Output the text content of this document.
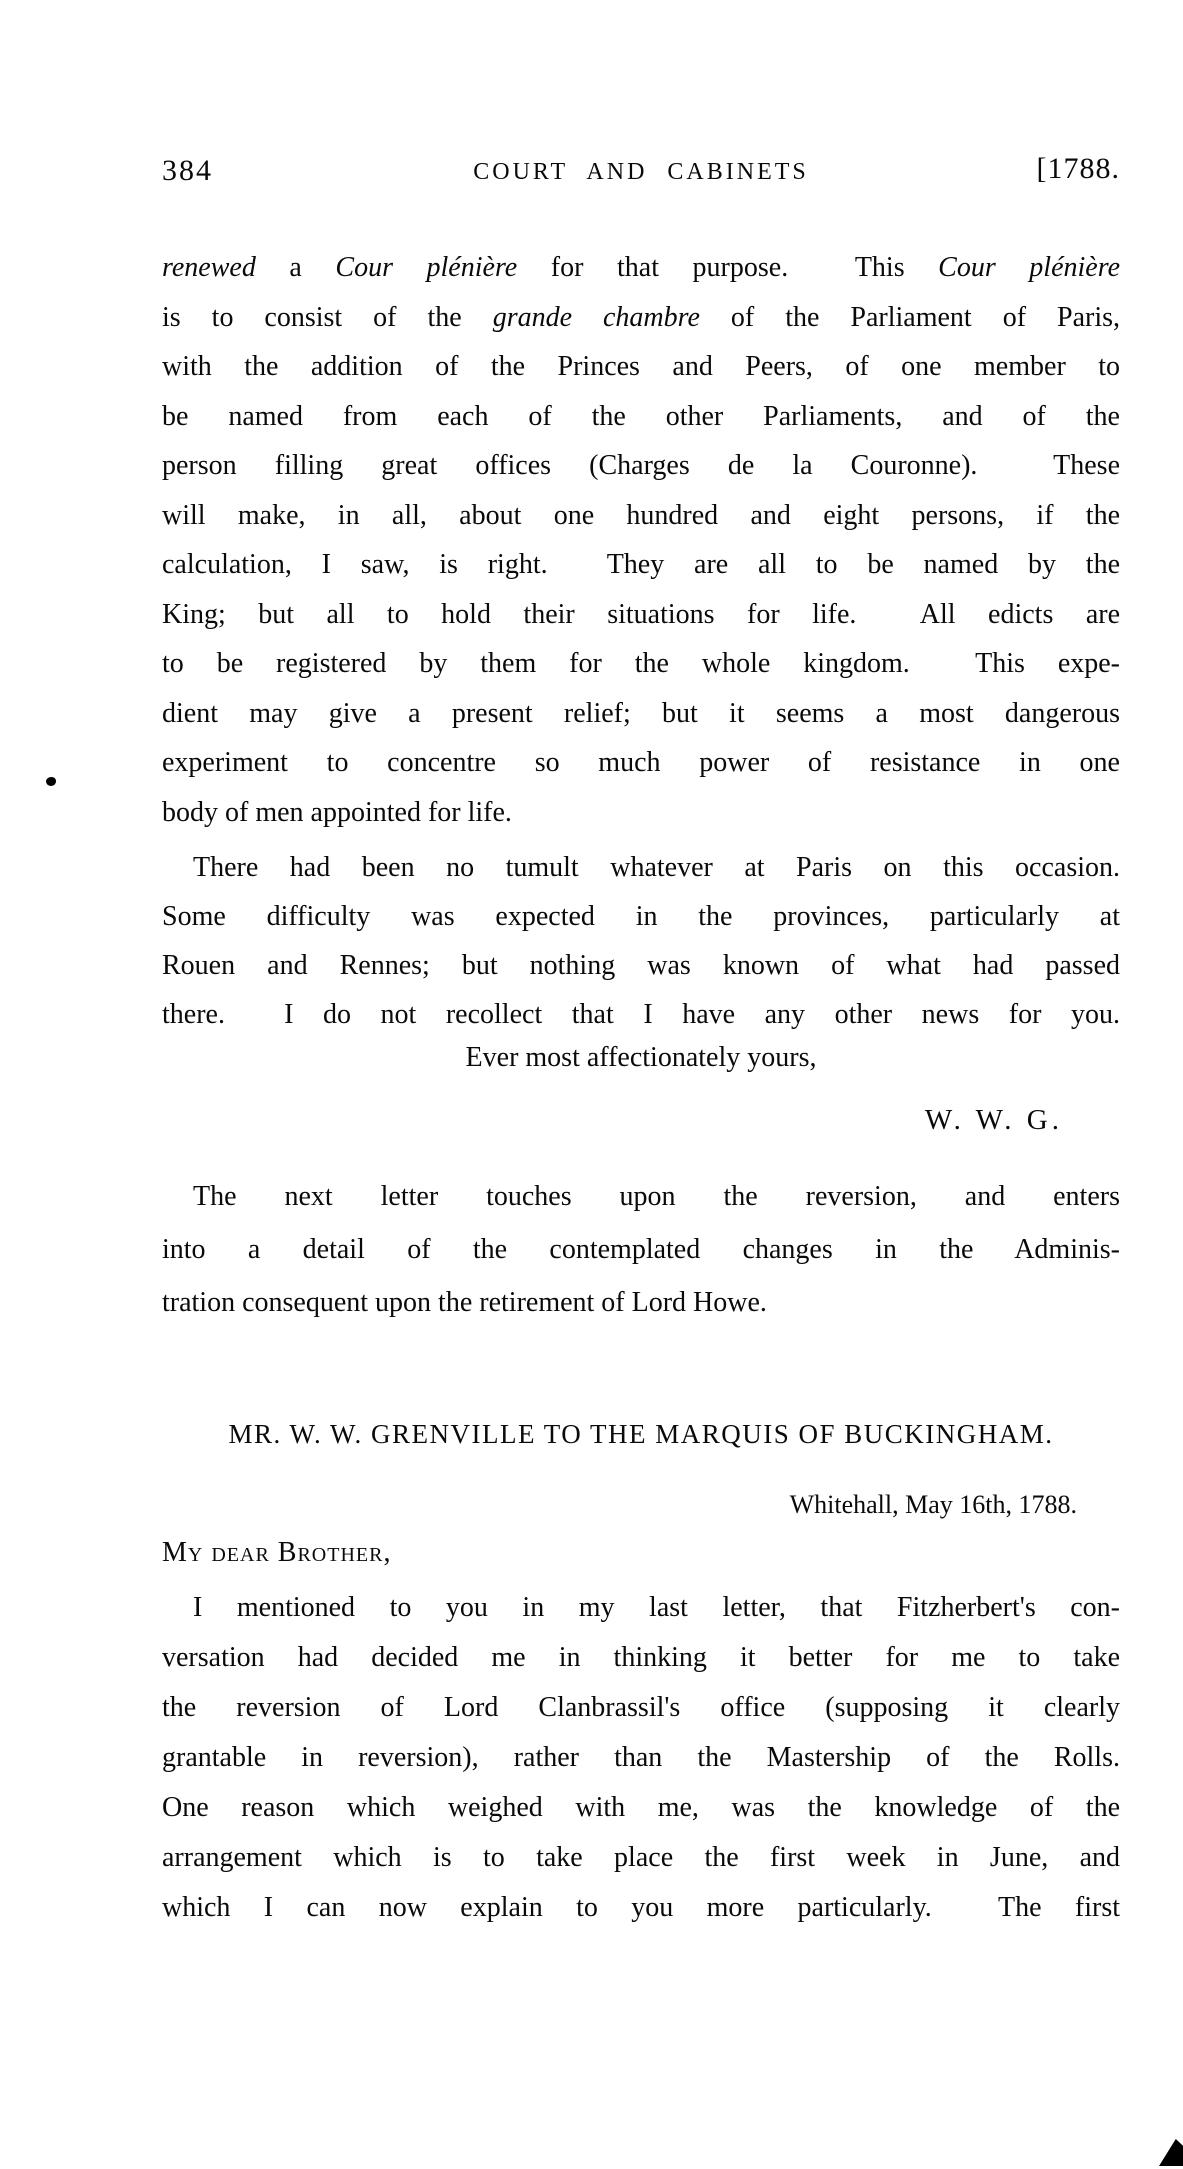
384	COURT AND CABINETS	[1788.
renewed a Cour plénière for that purpose.  This Cour plénière
is to consist of the grande chambre of the Parliament of Paris,
with the addition of the Princes and Peers, of one member to
be named from each of the other Parliaments, and of the
person filling great offices (Charges de la Couronne).  These
will make, in all, about one hundred and eight persons, if the
calculation, I saw, is right.  They are all to be named by the
King; but all to hold their situations for life.  All edicts are
to be registered by them for the whole kingdom.  This expe-
dient may give a present relief; but it seems a most dangerous
experiment to concentre so much power of resistance in one
body of men appointed for life.
There had been no tumult whatever at Paris on this occasion.
Some difficulty was expected in the provinces, particularly at
Rouen and Rennes; but nothing was known of what had passed
there.  I do not recollect that I have any other news for you.
Ever most affectionately yours,
W. W. G.
The next letter touches upon the reversion, and enters
into a detail of the contemplated changes in the Adminis-
tration consequent upon the retirement of Lord Howe.
MR. W. W. GRENVILLE TO THE MARQUIS OF BUCKINGHAM.
Whitehall, May 16th, 1788.
My dear Brother,
I mentioned to you in my last letter, that Fitzherbert's con-
versation had decided me in thinking it better for me to take
the reversion of Lord Clanbrassil's office (supposing it clearly
grantable in reversion), rather than the Mastership of the Rolls.
One reason which weighed with me, was the knowledge of the
arrangement which is to take place the first week in June, and
which I can now explain to you more particularly.  The first
